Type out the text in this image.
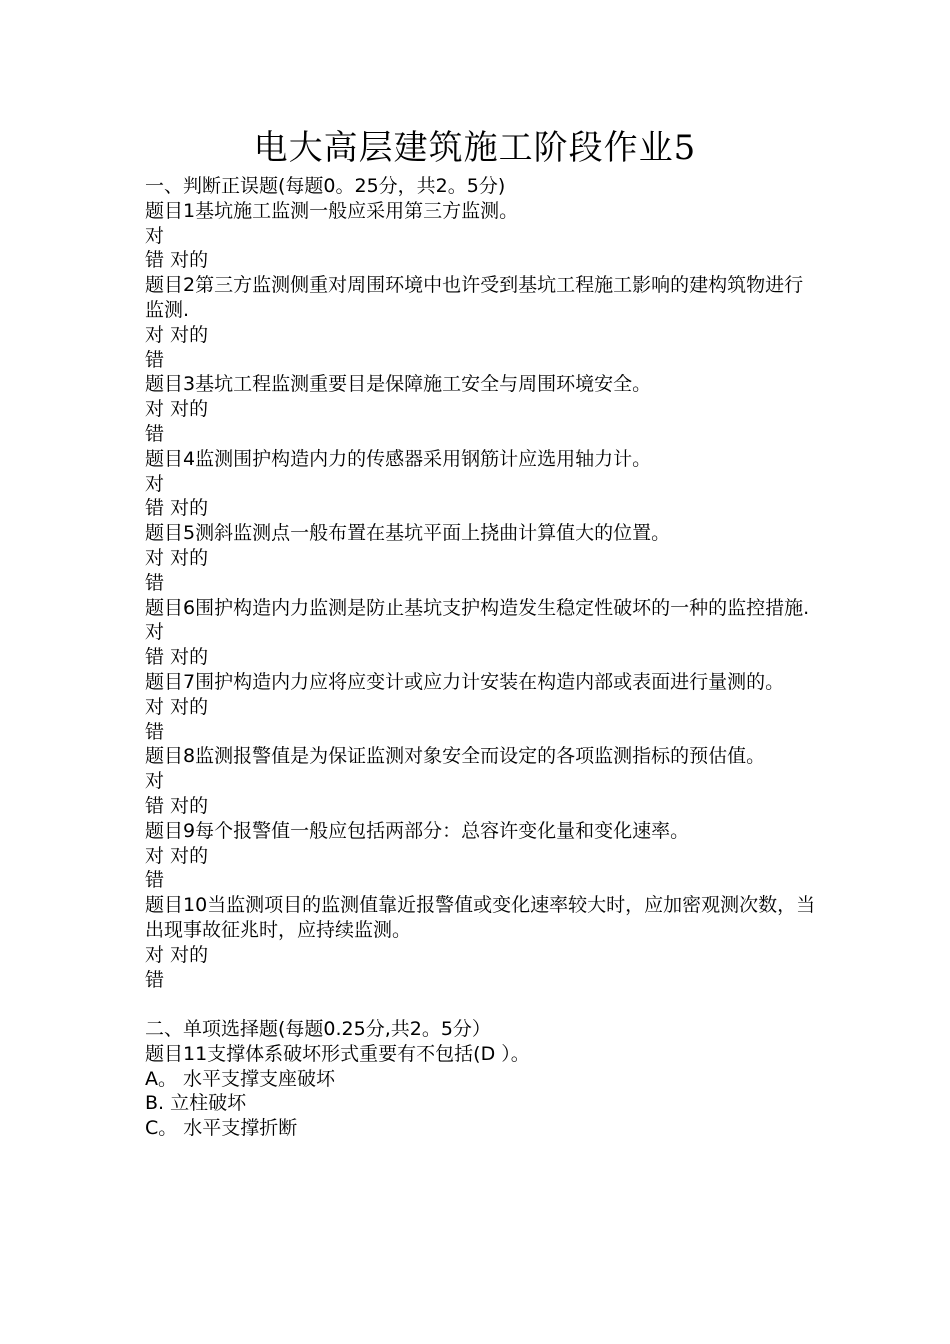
电大高层建筑施工阶段作业5
一、判断正误题(每题0。25分，共2。5分)
题目1基坑施工监测一般应采用第三方监测。
对
错 对的
题目2第三方监测侧重对周围环境中也许受到基坑工程施工影响的建构筑物进行监测.
对 对的
错
题目3基坑工程监测重要目是保障施工安全与周围环境安全。
对 对的
错
题目4监测围护构造内力的传感器采用钢筋计应选用轴力计。
对
错 对的
题目5测斜监测点一般布置在基坑平面上挠曲计算值大的位置。
对 对的
错
题目6围护构造内力监测是防止基坑支护构造发生稳定性破坏的一种的监控措施.
对
错 对的
题目7围护构造内力应将应变计或应力计安装在构造内部或表面进行量测的。
对 对的
错
题目8监测报警值是为保证监测对象安全而设定的各项监测指标的预估值。
对
错 对的
题目9每个报警值一般应包括两部分：总容许变化量和变化速率。
对 对的
错
题目10当监测项目的监测值靠近报警值或变化速率较大时，应加密观测次数，当出现事故征兆时，应持续监测。
对 对的
错
二、单项选择题(每题0.25分,共2。5分）
题目11支撑体系破坏形式重要有不包括(D ）。
A。 水平支撑支座破坏
B. 立柱破坏
C。 水平支撑折断
